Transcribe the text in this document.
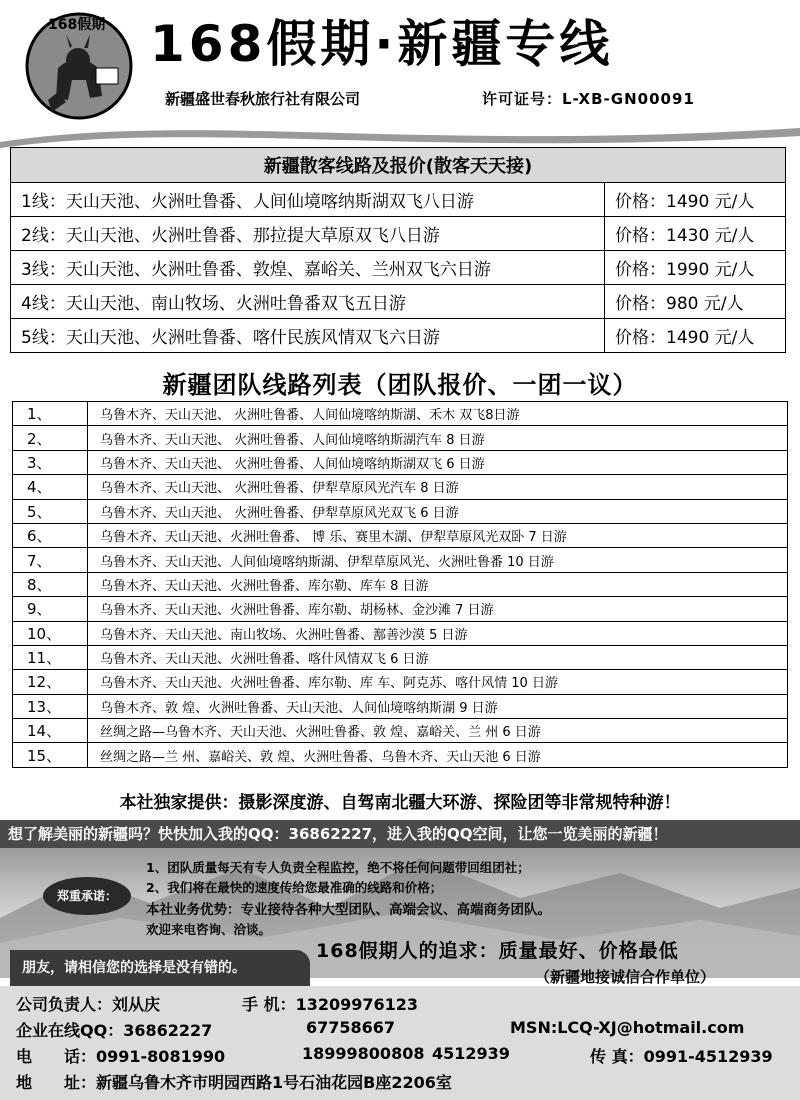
168假期 168假期·新疆专线
新疆盛世春秋旅行社有限公司	许可证号：L-XB-GN00091
新疆散客线路及报价(散客天天接)	
1线：天山天池、火洲吐鲁番、人间仙境喀纳斯湖双飞八日游	价格：1490 元/人
2线：天山天池、火洲吐鲁番、那拉提大草原双飞八日游	价格：1430 元/人
3线：天山天池、火洲吐鲁番、敦煌、嘉峪关、兰州双飞六日游	价格：1990 元/人
4线：天山天池、南山牧场、火洲吐鲁番双飞五日游	价格：980 元/人
5线：天山天池、火洲吐鲁番、喀什民族风情双飞六日游	价格：1490 元/人
新疆团队线路列表（团队报价、一团一议）
1、	乌鲁木齐、天山天池、 火洲吐鲁番、人间仙境喀纳斯湖、禾木 双飞8日游
2、	乌鲁木齐、天山天池、 火洲吐鲁番、人间仙境喀纳斯湖汽车 8 日游
3、	乌鲁木齐、天山天池、 火洲吐鲁番、人间仙境喀纳斯湖双飞 6 日游
4、	乌鲁木齐、天山天池、 火洲吐鲁番、伊犁草原风光汽车 8 日游
5、	乌鲁木齐、天山天池、 火洲吐鲁番、伊犁草原风光双飞 6 日游
6、	乌鲁木齐、天山天池、火洲吐鲁番、 博 乐、赛里木湖、伊犁草原风光双卧 7 日游
7、	乌鲁木齐、天山天池、人间仙境喀纳斯湖、伊犁草原风光、火洲吐鲁番 10 日游
8、	乌鲁木齐、天山天池、火洲吐鲁番、库尔勒、库车 8 日游
9、	乌鲁木齐、天山天池、火洲吐鲁番、库尔勒、胡杨林、金沙滩 7 日游
10、	乌鲁木齐、天山天池、南山牧场、火洲吐鲁番、鄯善沙漠 5 日游
11、	乌鲁木齐、天山天池、火洲吐鲁番、喀什风情双飞 6 日游
12、	乌鲁木齐、天山天池、火洲吐鲁番、库尔勒、库 车、阿克苏、喀什风情 10 日游
13、	乌鲁木齐、敦 煌、火洲吐鲁番、天山天池、人间仙境喀纳斯湖 9 日游
14、	丝绸之路—乌鲁木齐、天山天池、火洲吐鲁番、敦 煌、嘉峪关、兰 州 6 日游
15、	丝绸之路—兰 州、嘉峪关、敦 煌、火洲吐鲁番、乌鲁木齐、天山天池 6 日游
本社独家提供：摄影深度游、自驾南北疆大环游、探险团等非常规特种游！
想了解美丽的新疆吗？快快加入我的QQ：36862227，进入我的QQ空间，让您一览美丽的新疆！
郑重承诺：
1、团队质量每天有专人负责全程监控，绝不将任何问题带回组团社；
2、我们将在最快的速度传给您最准确的线路和价格；
本社业务优势：专业接待各种大型团队、高端会议、高端商务团队。
欢迎来电咨询、洽谈。
168假期人的追求：质量最好、价格最低
朋友，请相信您的选择是没有错的。	（新疆地接诚信合作单位）
公司负责人：刘从庆	手 机：13209976123
企业在线QQ：36862227	67758667	MSN:LCQ-XJ@hotmail.com
电　　话：0991-8081990	18999800808 4512939	传 真：0991-4512939
地　　址：新疆乌鲁木齐市明园西路1号石油花园B座2206室
